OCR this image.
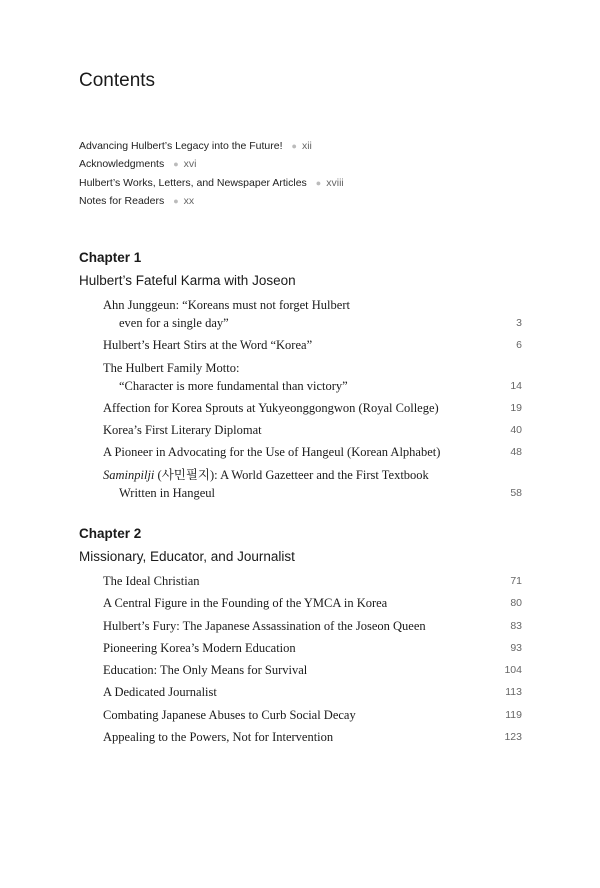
Contents
Advancing Hulbert’s Legacy into the Future! ● xii
Acknowledgments ● xvi
Hulbert’s Works, Letters, and Newspaper Articles ● xviii
Notes for Readers ● xx
Chapter 1
Hulbert’s Fateful Karma with Joseon
Ahn Junggeun: “Koreans must not forget Hulbert
even for a single day”	3
Hulbert’s Heart Stirs at the Word “Korea”	6
The Hulbert Family Motto:
“Character is more fundamental than victory”	14
Affection for Korea Sprouts at Yukyeonggongwon (Royal College)	19
Korea’s First Literary Diplomat	40
A Pioneer in Advocating for the Use of Hangeul (Korean Alphabet)	48
Saminpilji (사민필지): A World Gazetteer and the First Textbook
Written in Hangeul	58
Chapter 2
Missionary, Educator, and Journalist
The Ideal Christian	71
A Central Figure in the Founding of the YMCA in Korea	80
Hulbert’s Fury: The Japanese Assassination of the Joseon Queen	83
Pioneering Korea’s Modern Education	93
Education: The Only Means for Survival	104
A Dedicated Journalist	113
Combating Japanese Abuses to Curb Social Decay	119
Appealing to the Powers, Not for Intervention	123
